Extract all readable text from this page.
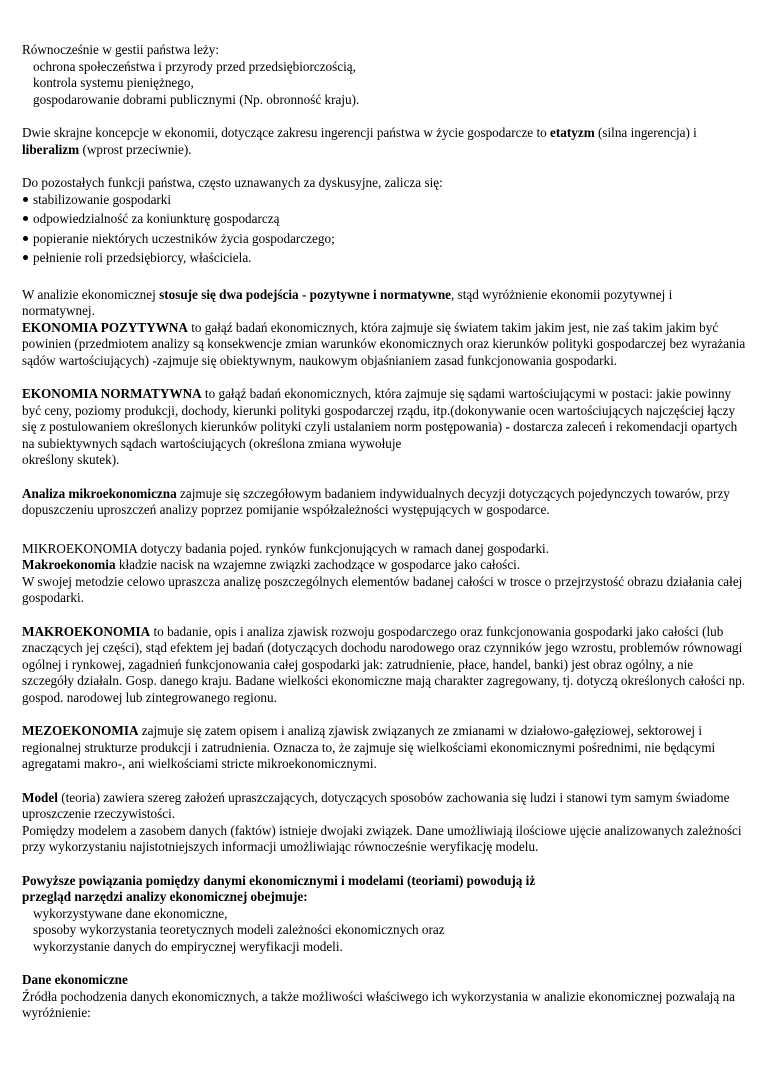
Równocześnie w gestii państwa leży:

ochrona społeczeństwa i przyrody przed przedsiębiorczością,
kontrola systemu pieniężnego,
gospodarowanie dobrami publicznymi (Np. obronność kraju).

Dwie skrajne koncepcje w ekonomii, dotyczące zakresu ingerencji państwa w życie gospodarcze to etatyzm (silna ingerencja) i liberalizm (wprost przeciwnie).

Do pozostałych funkcji państwa, często uznawanych za dyskusyjne, zalicza się:

stabilizowanie gospodarki
odpowiedzialność za koniunkturę gospodarczą
popieranie niektórych uczestników życia gospodarczego;
pełnienie roli przedsiębiorcy, właściciela.

W analizie ekonomicznej stosuje się dwa podejścia - pozytywne i normatywne, stąd wyróżnienie ekonomii pozytywnej i normatywnej.
EKONOMIA POZYTYWNA to gałąź badań ekonomicznych, która zajmuje się światem takim jakim jest, nie zaś takim jakim być powinien (przedmiotem analizy są konsekwencje zmian warunków ekonomicznych oraz kierunków polityki gospodarczej bez wyrażania sądów wartościujących) -zajmuje się obiektywnym, naukowym objaśnianiem zasad funkcjonowania gospodarki.

EKONOMIA NORMATYWNA to gałąź badań ekonomicznych, która zajmuje się sądami wartościującymi w postaci: jakie powinny być ceny, poziomy produkcji, dochody, kierunki polityki gospodarczej rządu, itp.(dokonywanie ocen wartościujących najczęściej łączy się z postulowaniem określonych kierunków polityki czyli ustalaniem norm postępowania) - dostarcza zaleceń i rekomendacji opartych na subiektywnych sądach wartościujących (określona zmiana wywołuje
określony skutek).

Analiza mikroekonomiczna zajmuje się szczegółowym badaniem indywidualnych decyzji dotyczących pojedynczych towarów, przy dopuszczeniu uproszczeń analizy poprzez pomijanie współzależności występujących w gospodarce.

MIKROEKONOMIA dotyczy badania pojed. rynków funkcjonujących w ramach danej gospodarki.
Makroekonomia kładzie nacisk na wzajemne związki zachodzące w gospodarce jako całości.
W swojej metodzie celowo upraszcza analizę poszczególnych elementów badanej całości w trosce o przejrzystość obrazu działania całej gospodarki.

MAKROEKONOMIA to badanie, opis i analiza zjawisk rozwoju gospodarczego oraz funkcjonowania gospodarki jako całości (lub znaczących jej części), stąd efektem jej badań (dotyczących dochodu narodowego oraz czynników jego wzrostu, problemów równowagi ogólnej i rynkowej, zagadnień funkcjonowania całej gospodarki jak: zatrudnienie, płace, handel, banki) jest obraz ogólny, a nie szczegóły działaln. Gosp. danego kraju. Badane wielkości ekonomiczne mają charakter zagregowany, tj. dotyczą określonych całości np. gospod. narodowej lub zintegrowanego regionu.

MEZOEKONOMIA zajmuje się zatem opisem i analizą zjawisk związanych ze zmianami w działowo-gałęziowej, sektorowej i regionalnej strukturze produkcji i zatrudnienia. Oznacza to, że zajmuje się wielkościami ekonomicznymi pośrednimi, nie będącymi agregatami makro-, ani wielkościami stricte mikroekonomicznymi.

Model (teoria) zawiera szereg założeń upraszczających, dotyczących sposobów zachowania się ludzi i stanowi tym samym świadome uproszczenie rzeczywistości.
Pomiędzy modelem a zasobem danych (faktów) istnieje dwojaki związek. Dane umożliwiają ilościowe ujęcie analizowanych zależności przy wykorzystaniu najistotniejszych informacji umożliwiając równocześnie weryfikację modelu.

Powyższe powiązania pomiędzy danymi ekonomicznymi i modelami (teoriami) powodują iż
przegląd narzędzi analizy ekonomicznej obejmuje:

wykorzystywane dane ekonomiczne,
sposoby wykorzystania teoretycznych modeli zależności ekonomicznych oraz
wykorzystanie danych do empirycznej weryfikacji modeli.

Dane ekonomiczne

Źródła pochodzenia danych ekonomicznych, a także możliwości właściwego ich wykorzystania w analizie ekonomicznej pozwalają na wyróżnienie:
